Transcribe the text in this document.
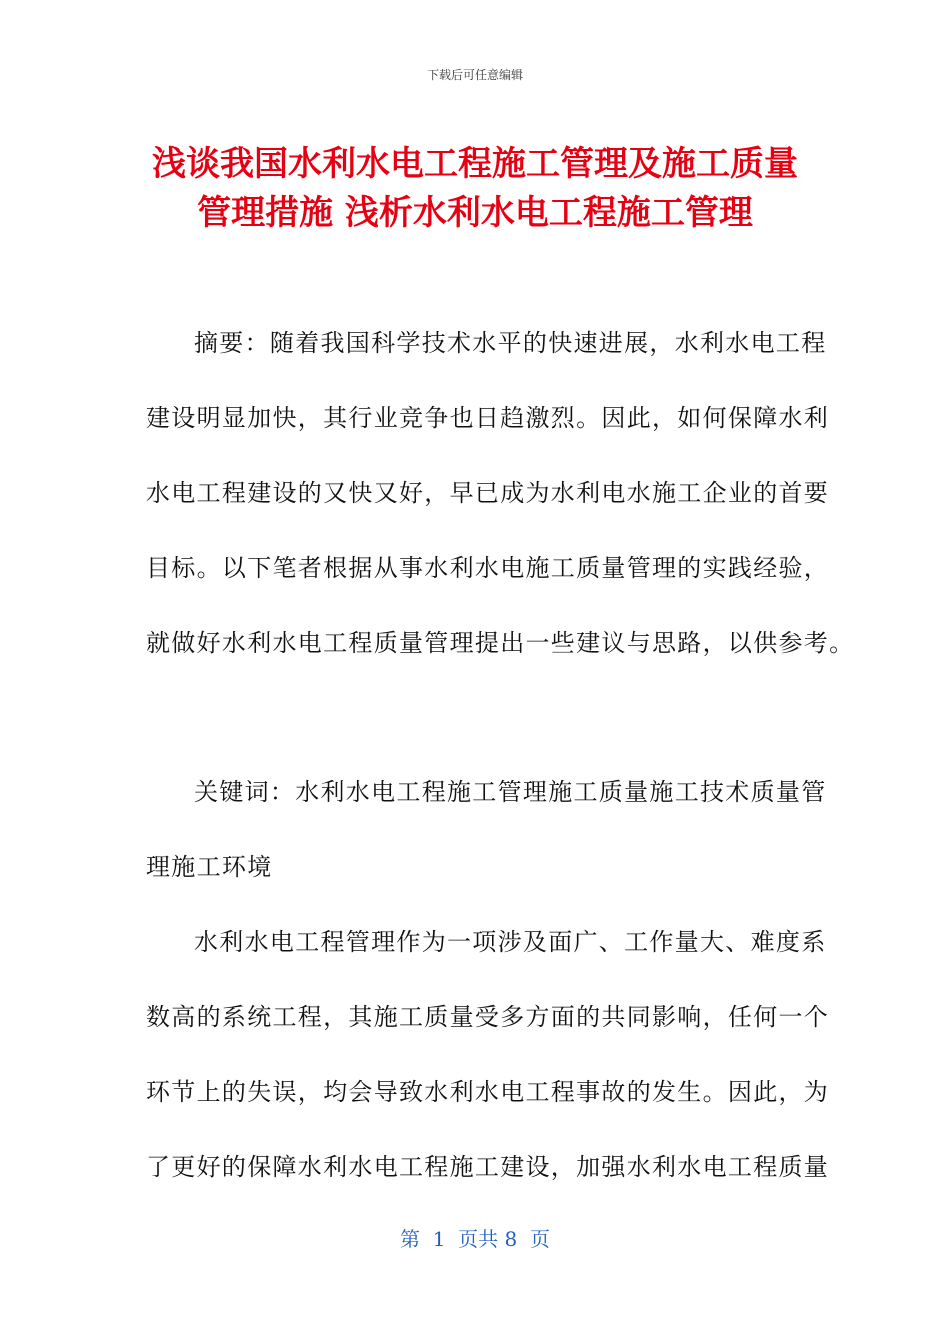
下载后可任意编辑
浅谈我国水利水电工程施工管理及施工质量
管理措施 浅析水利水电工程施工管理
摘要：随着我国科学技术水平的快速进展，水利水电工程
建设明显加快，其行业竞争也日趋激烈。因此，如何保障水利
水电工程建设的又快又好，早已成为水利电水施工企业的首要
目标。以下笔者根据从事水利水电施工质量管理的实践经验，
就做好水利水电工程质量管理提出一些建议与思路，以供参考。
关键词：水利水电工程施工管理施工质量施工技术质量管
理施工环境
水利水电工程管理作为一项涉及面广、工作量大、难度系
数高的系统工程，其施工质量受多方面的共同影响，任何一个
环节上的失误，均会导致水利水电工程事故的发生。因此，为
了更好的保障水利水电工程施工建设，加强水利水电工程质量
第  1  页共 8  页
